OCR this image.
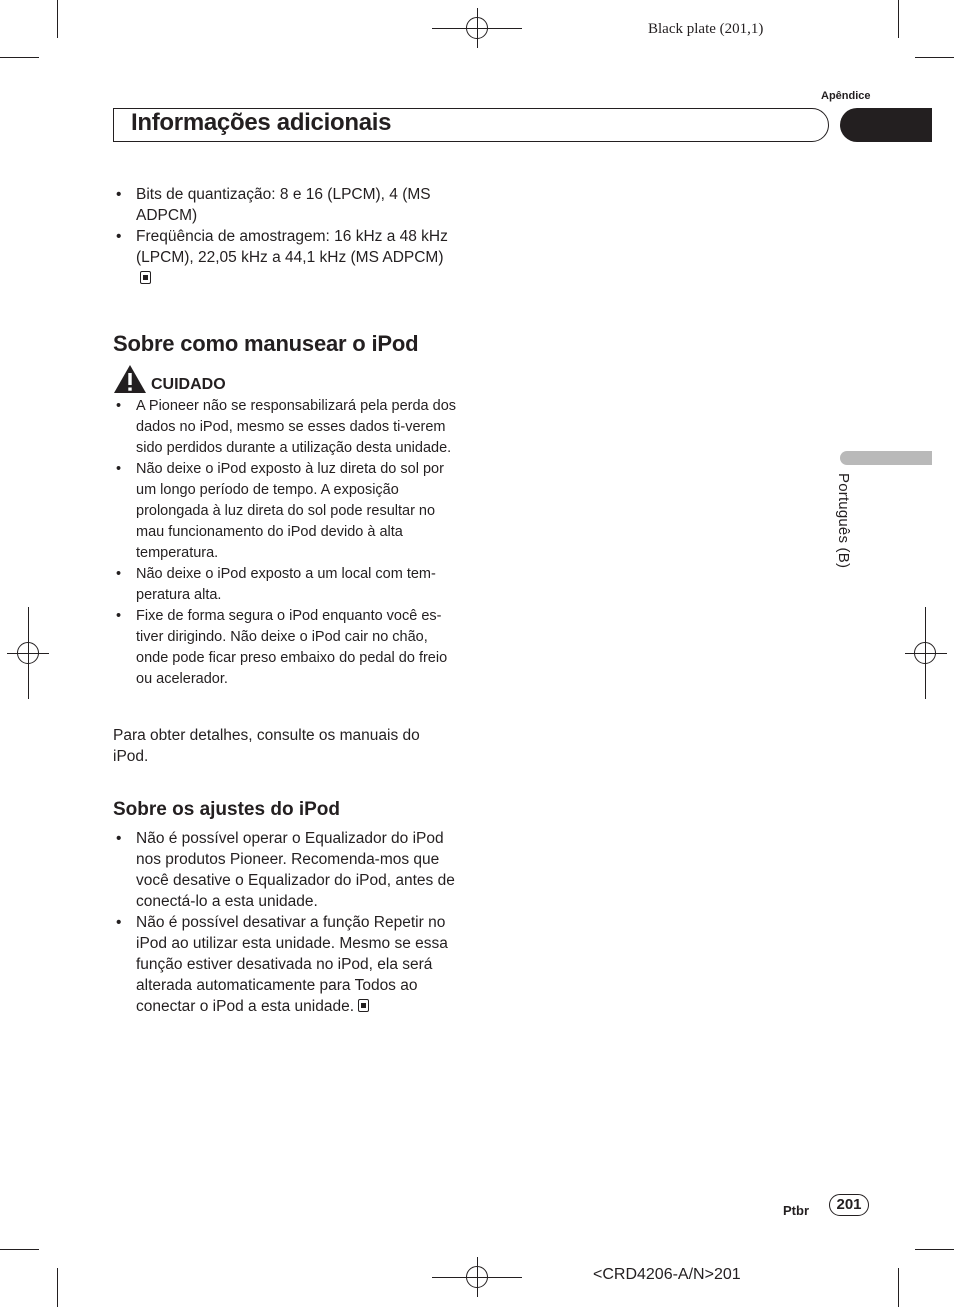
Black plate (201,1)
Apêndice
Informações adicionais
Português (B)
• Bits de quantização: 8 e 16 (LPCM), 4 (MS ADPCM)
• Freqüência de amostragem: 16 kHz a 48 kHz (LPCM), 22,05 kHz a 44,1 kHz (MS ADPCM)
Sobre como manusear o iPod
CUIDADO
• A Pioneer não se responsabilizará pela perda dos dados no iPod, mesmo se esses dados ti-verem sido perdidos durante a utilização desta unidade.
• Não deixe o iPod exposto à luz direta do sol por um longo período de tempo. A exposição prolongada à luz direta do sol pode resultar no mau funcionamento do iPod devido à alta temperatura.
• Não deixe o iPod exposto a um local com tem-peratura alta.
• Fixe de forma segura o iPod enquanto você es-tiver dirigindo. Não deixe o iPod cair no chão, onde pode ficar preso embaixo do pedal do freio ou acelerador.
Para obter detalhes, consulte os manuais do iPod.
Sobre os ajustes do iPod
• Não é possível operar o Equalizador do iPod nos produtos Pioneer. Recomenda-mos que você desative o Equalizador do iPod, antes de conectá-lo a esta unidade.
• Não é possível desativar a função Repetir no iPod ao utilizar esta unidade. Mesmo se essa função estiver desativada no iPod, ela será alterada automaticamente para Todos ao conectar o iPod a esta unidade.
Ptbr	201
<CRD4206-A/N>201
